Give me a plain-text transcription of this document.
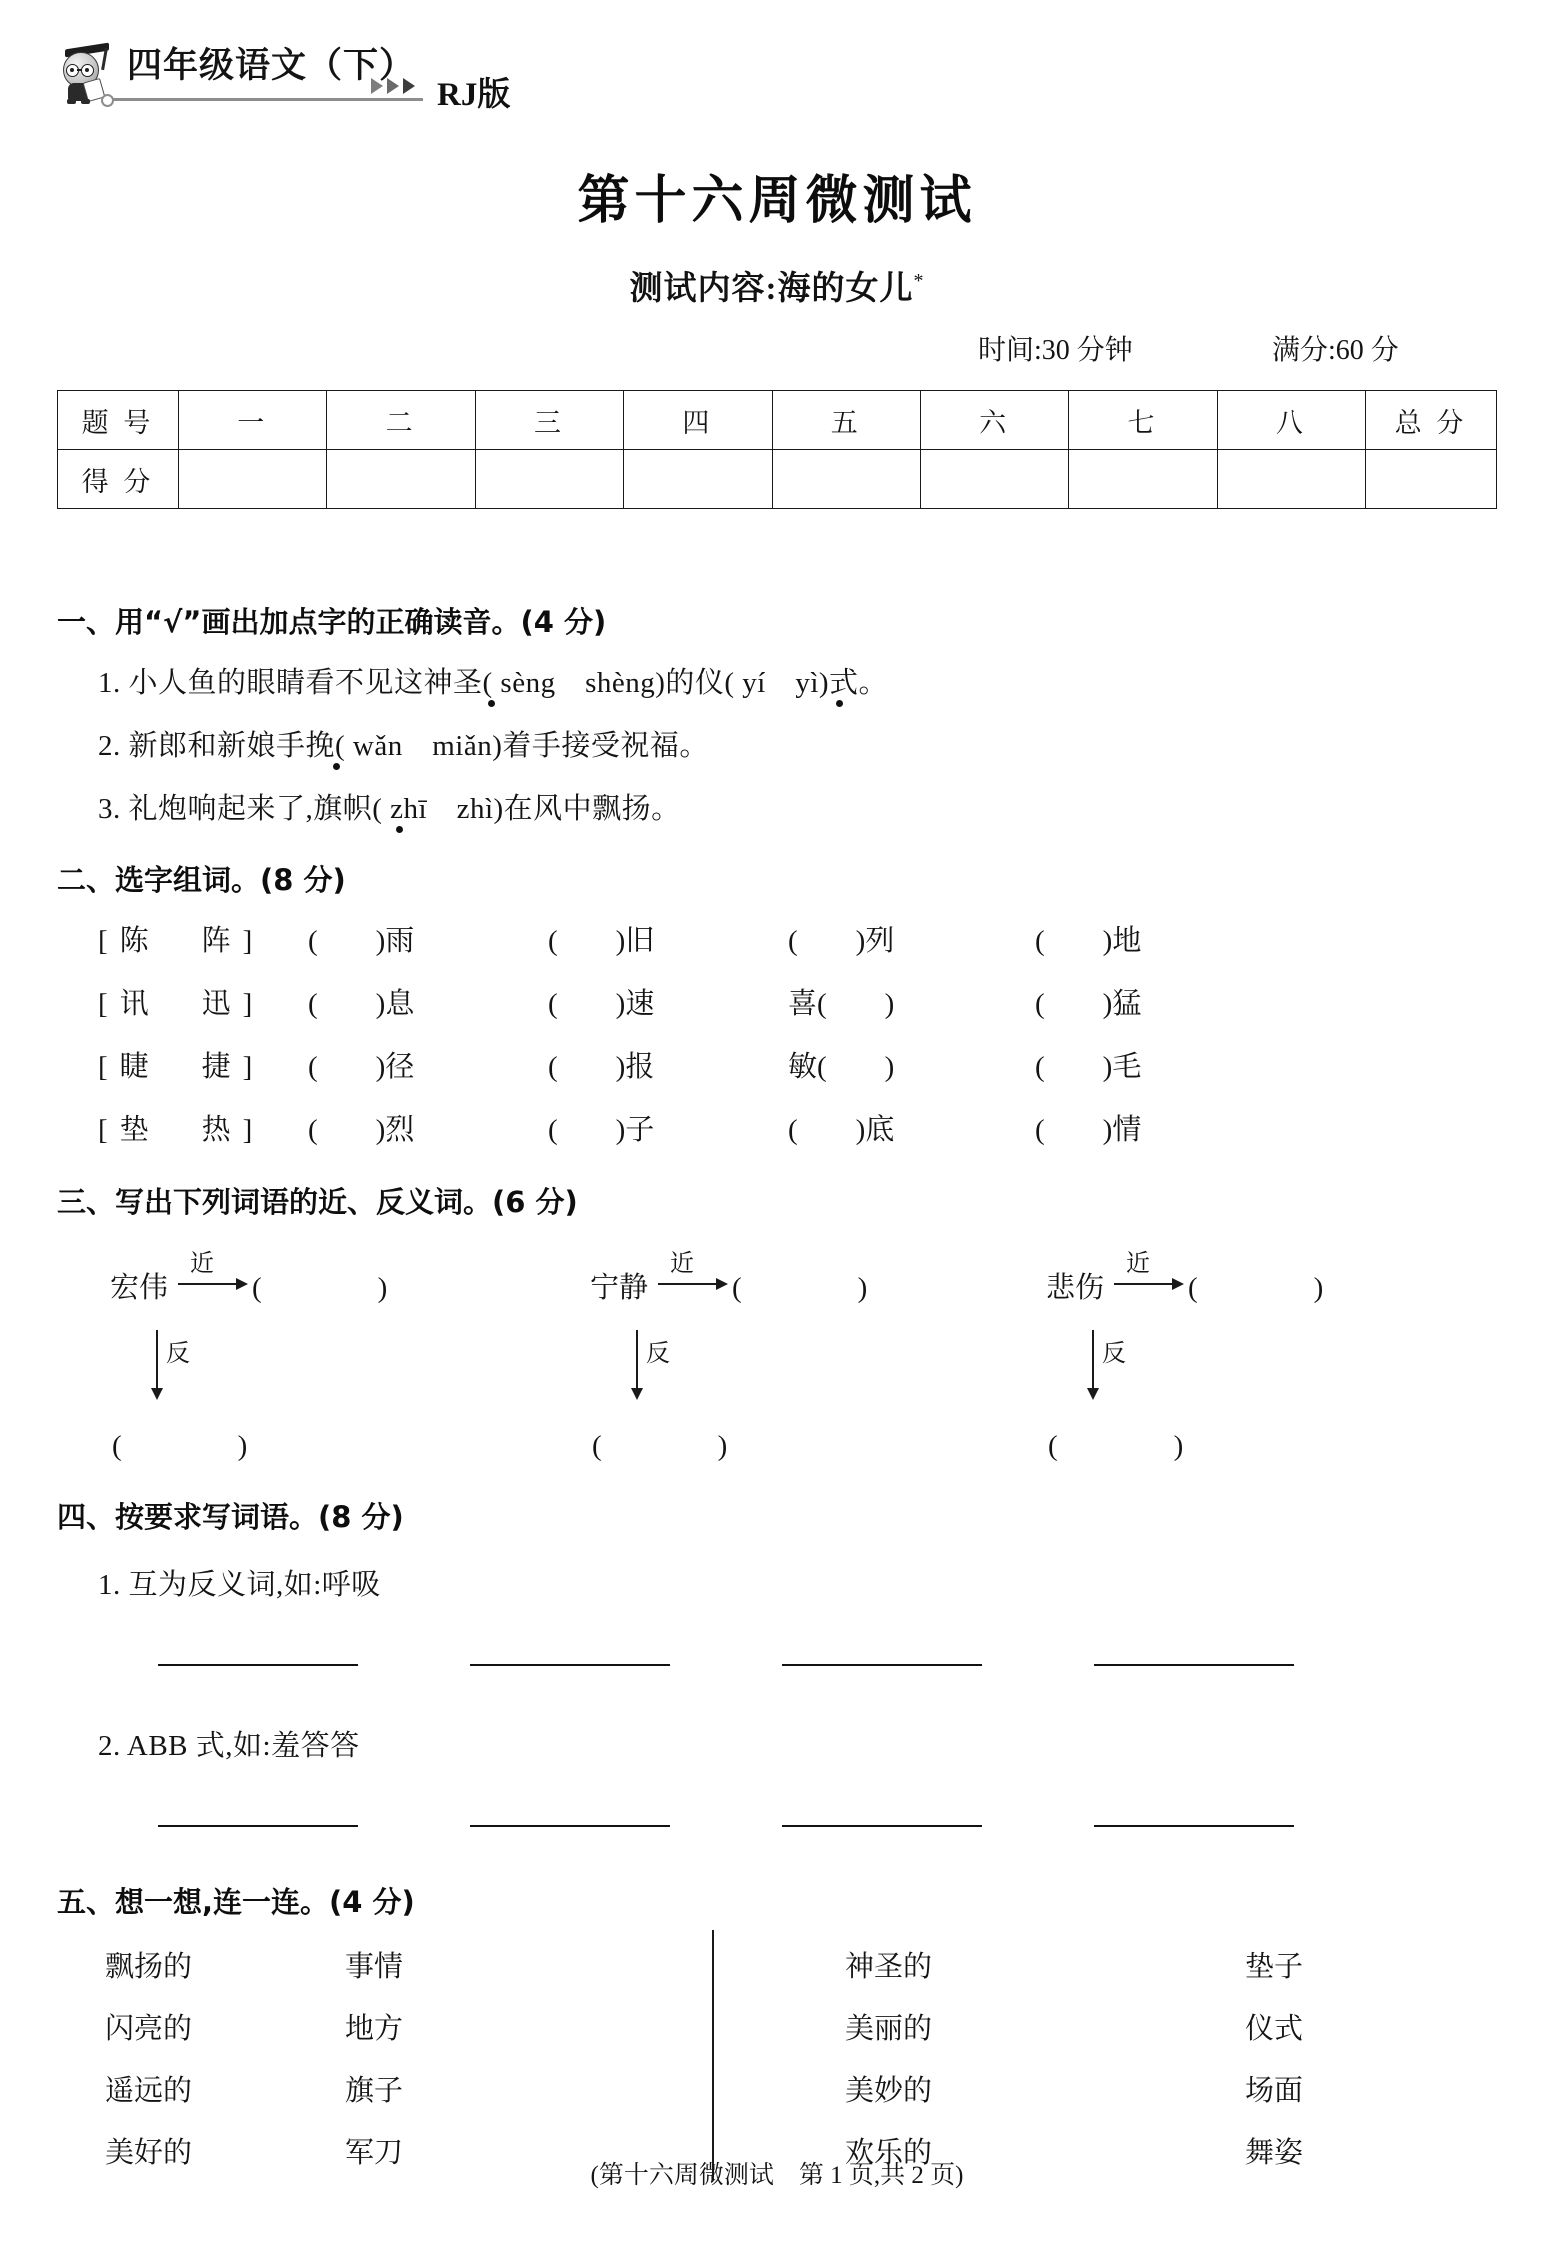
四年级语文（下）
RJ版
第十六周微测试
测试内容:海的女儿*
时间:30 分钟	满分:60 分
题 号	一	二	三	四	五	六	七	八	总 分
得 分									
一、用“√”画出加点字的正确读音。(4 分)
1. 小人鱼的眼睛看不见这神圣( sèng　shèng)的仪( yí　yì)式。
2. 新郎和新娘手挽( wǎn　miǎn)着手接受祝福。
3. 礼炮响起来了,旗帜( zhī　zhì)在风中飘扬。
二、选字组词。(8 分)
[陈　阵] (　　)雨	(　　)旧	(　　)列	(　　)地
[讯　迅] (　　)息	(　　)速	喜(　　)	(　　)猛
[睫　捷] (　　)径	(　　)报	敏(　　)	(　　)毛
[垫　热] (　　)烈	(　　)子	(　　)底	(　　)情
三、写出下列词语的近、反义词。(6 分)
宏伟
近
(　　　　)
反
(　　　　)
宁静
近
(　　　　)
反
(　　　　)
悲伤
近
(　　　　)
反
(　　　　)
四、按要求写词语。(8 分)
1. 互为反义词,如:呼吸
2. ABB 式,如:羞答答
五、想一想,连一连。(4 分)
飘扬的	事情
闪亮的	地方
遥远的	旗子
美好的	军刀
神圣的	垫子
美丽的	仪式
美妙的	场面
欢乐的	舞姿
(第十六周微测试　第 1 页,共 2 页)
